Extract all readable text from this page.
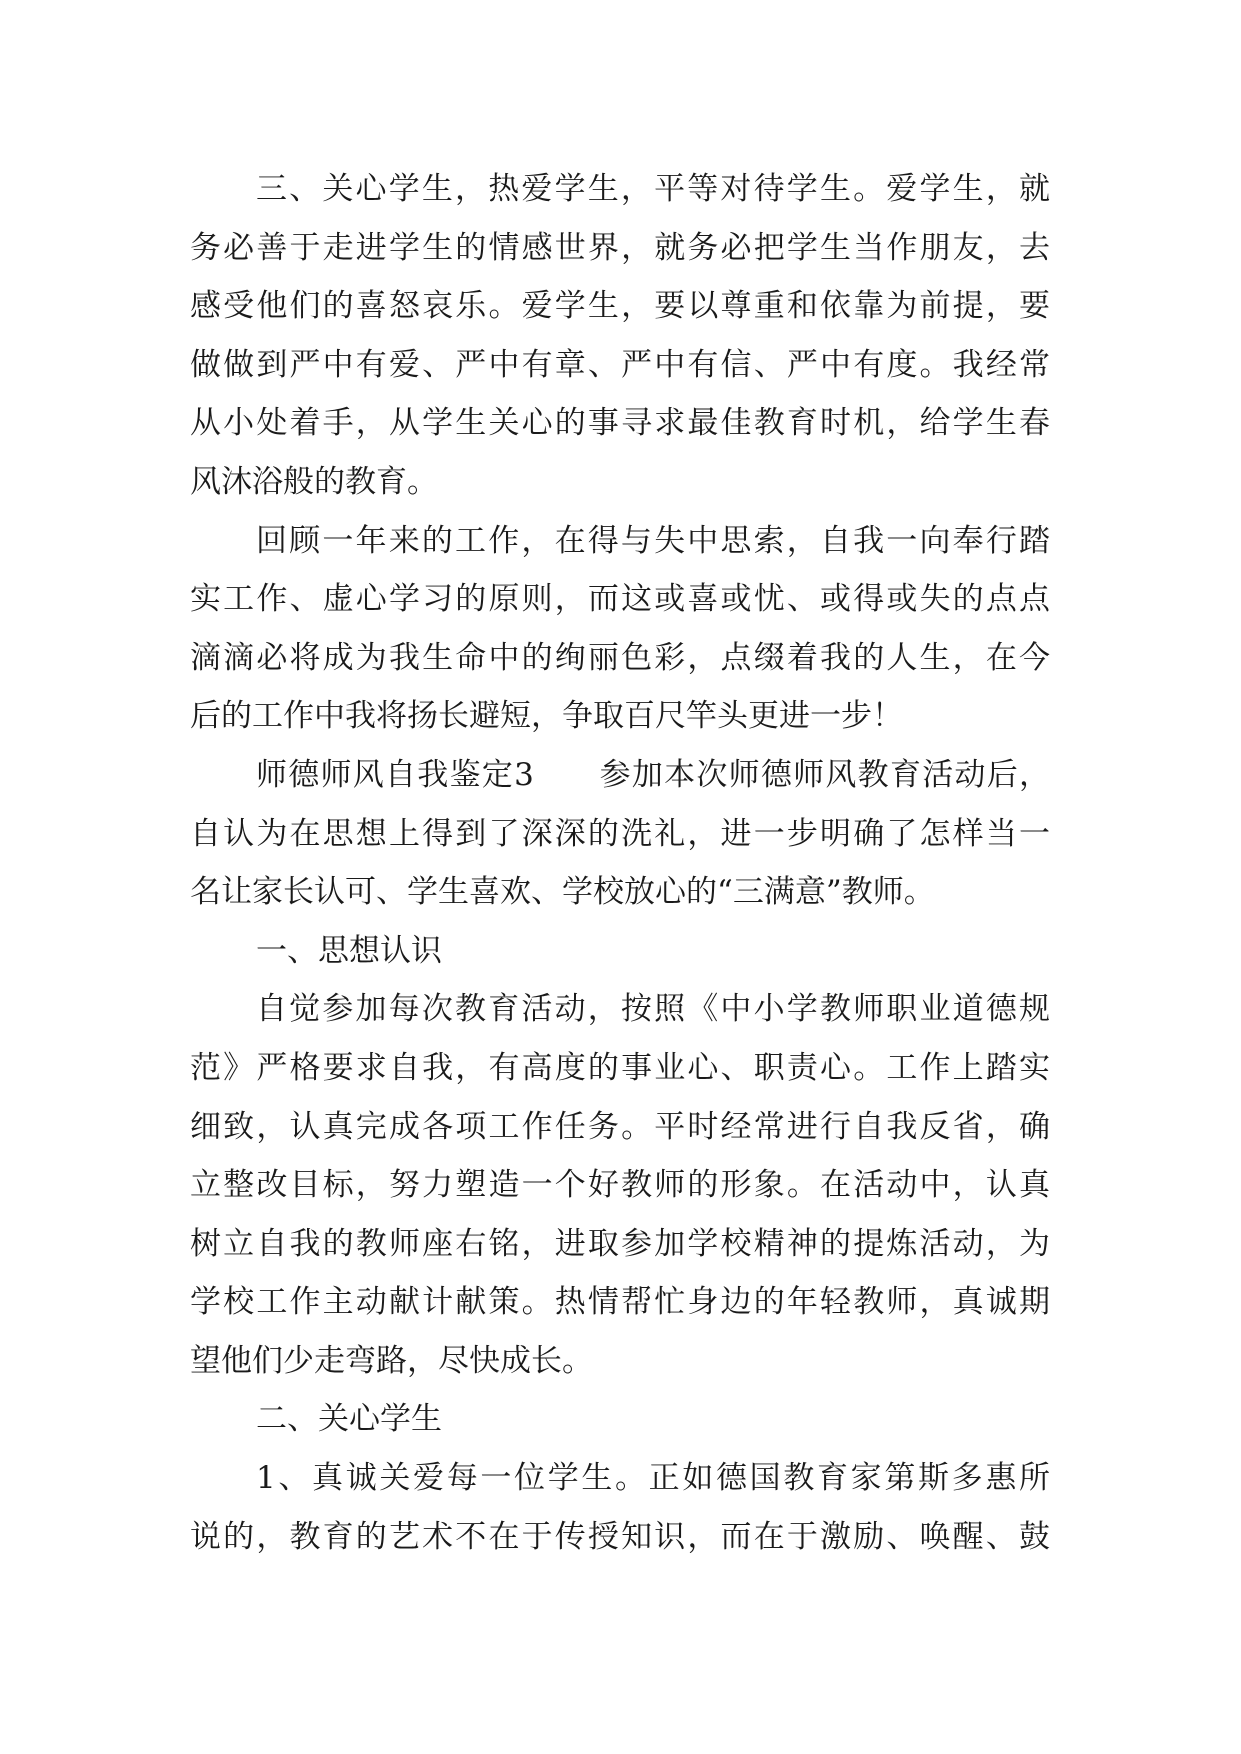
三、关心学生，热爱学生，平等对待学生。爱学生，就
务必善于走进学生的情感世界，就务必把学生当作朋友，去
感受他们的喜怒哀乐。爱学生，要以尊重和依靠为前提，要
做做到严中有爱、严中有章、严中有信、严中有度。我经常
从小处着手，从学生关心的事寻求最佳教育时机，给学生春
风沐浴般的教育。
回顾一年来的工作，在得与失中思索，自我一向奉行踏
实工作、虚心学习的原则，而这或喜或忧、或得或失的点点
滴滴必将成为我生命中的绚丽色彩，点缀着我的人生，在今
后的工作中我将扬长避短，争取百尺竿头更进一步！
师德师风自我鉴定3　　参加本次师德师风教育活动后，
自认为在思想上得到了深深的洗礼，进一步明确了怎样当一
名让家长认可、学生喜欢、学校放心的“三满意”教师。
一、思想认识
自觉参加每次教育活动，按照《中小学教师职业道德规
范》严格要求自我，有高度的事业心、职责心。工作上踏实
细致，认真完成各项工作任务。平时经常进行自我反省，确
立整改目标，努力塑造一个好教师的形象。在活动中，认真
树立自我的教师座右铭，进取参加学校精神的提炼活动，为
学校工作主动献计献策。热情帮忙身边的年轻教师，真诚期
望他们少走弯路，尽快成长。
二、关心学生
1、真诚关爱每一位学生。正如德国教育家第斯多惠所
说的，教育的艺术不在于传授知识，而在于激励、唤醒、鼓
